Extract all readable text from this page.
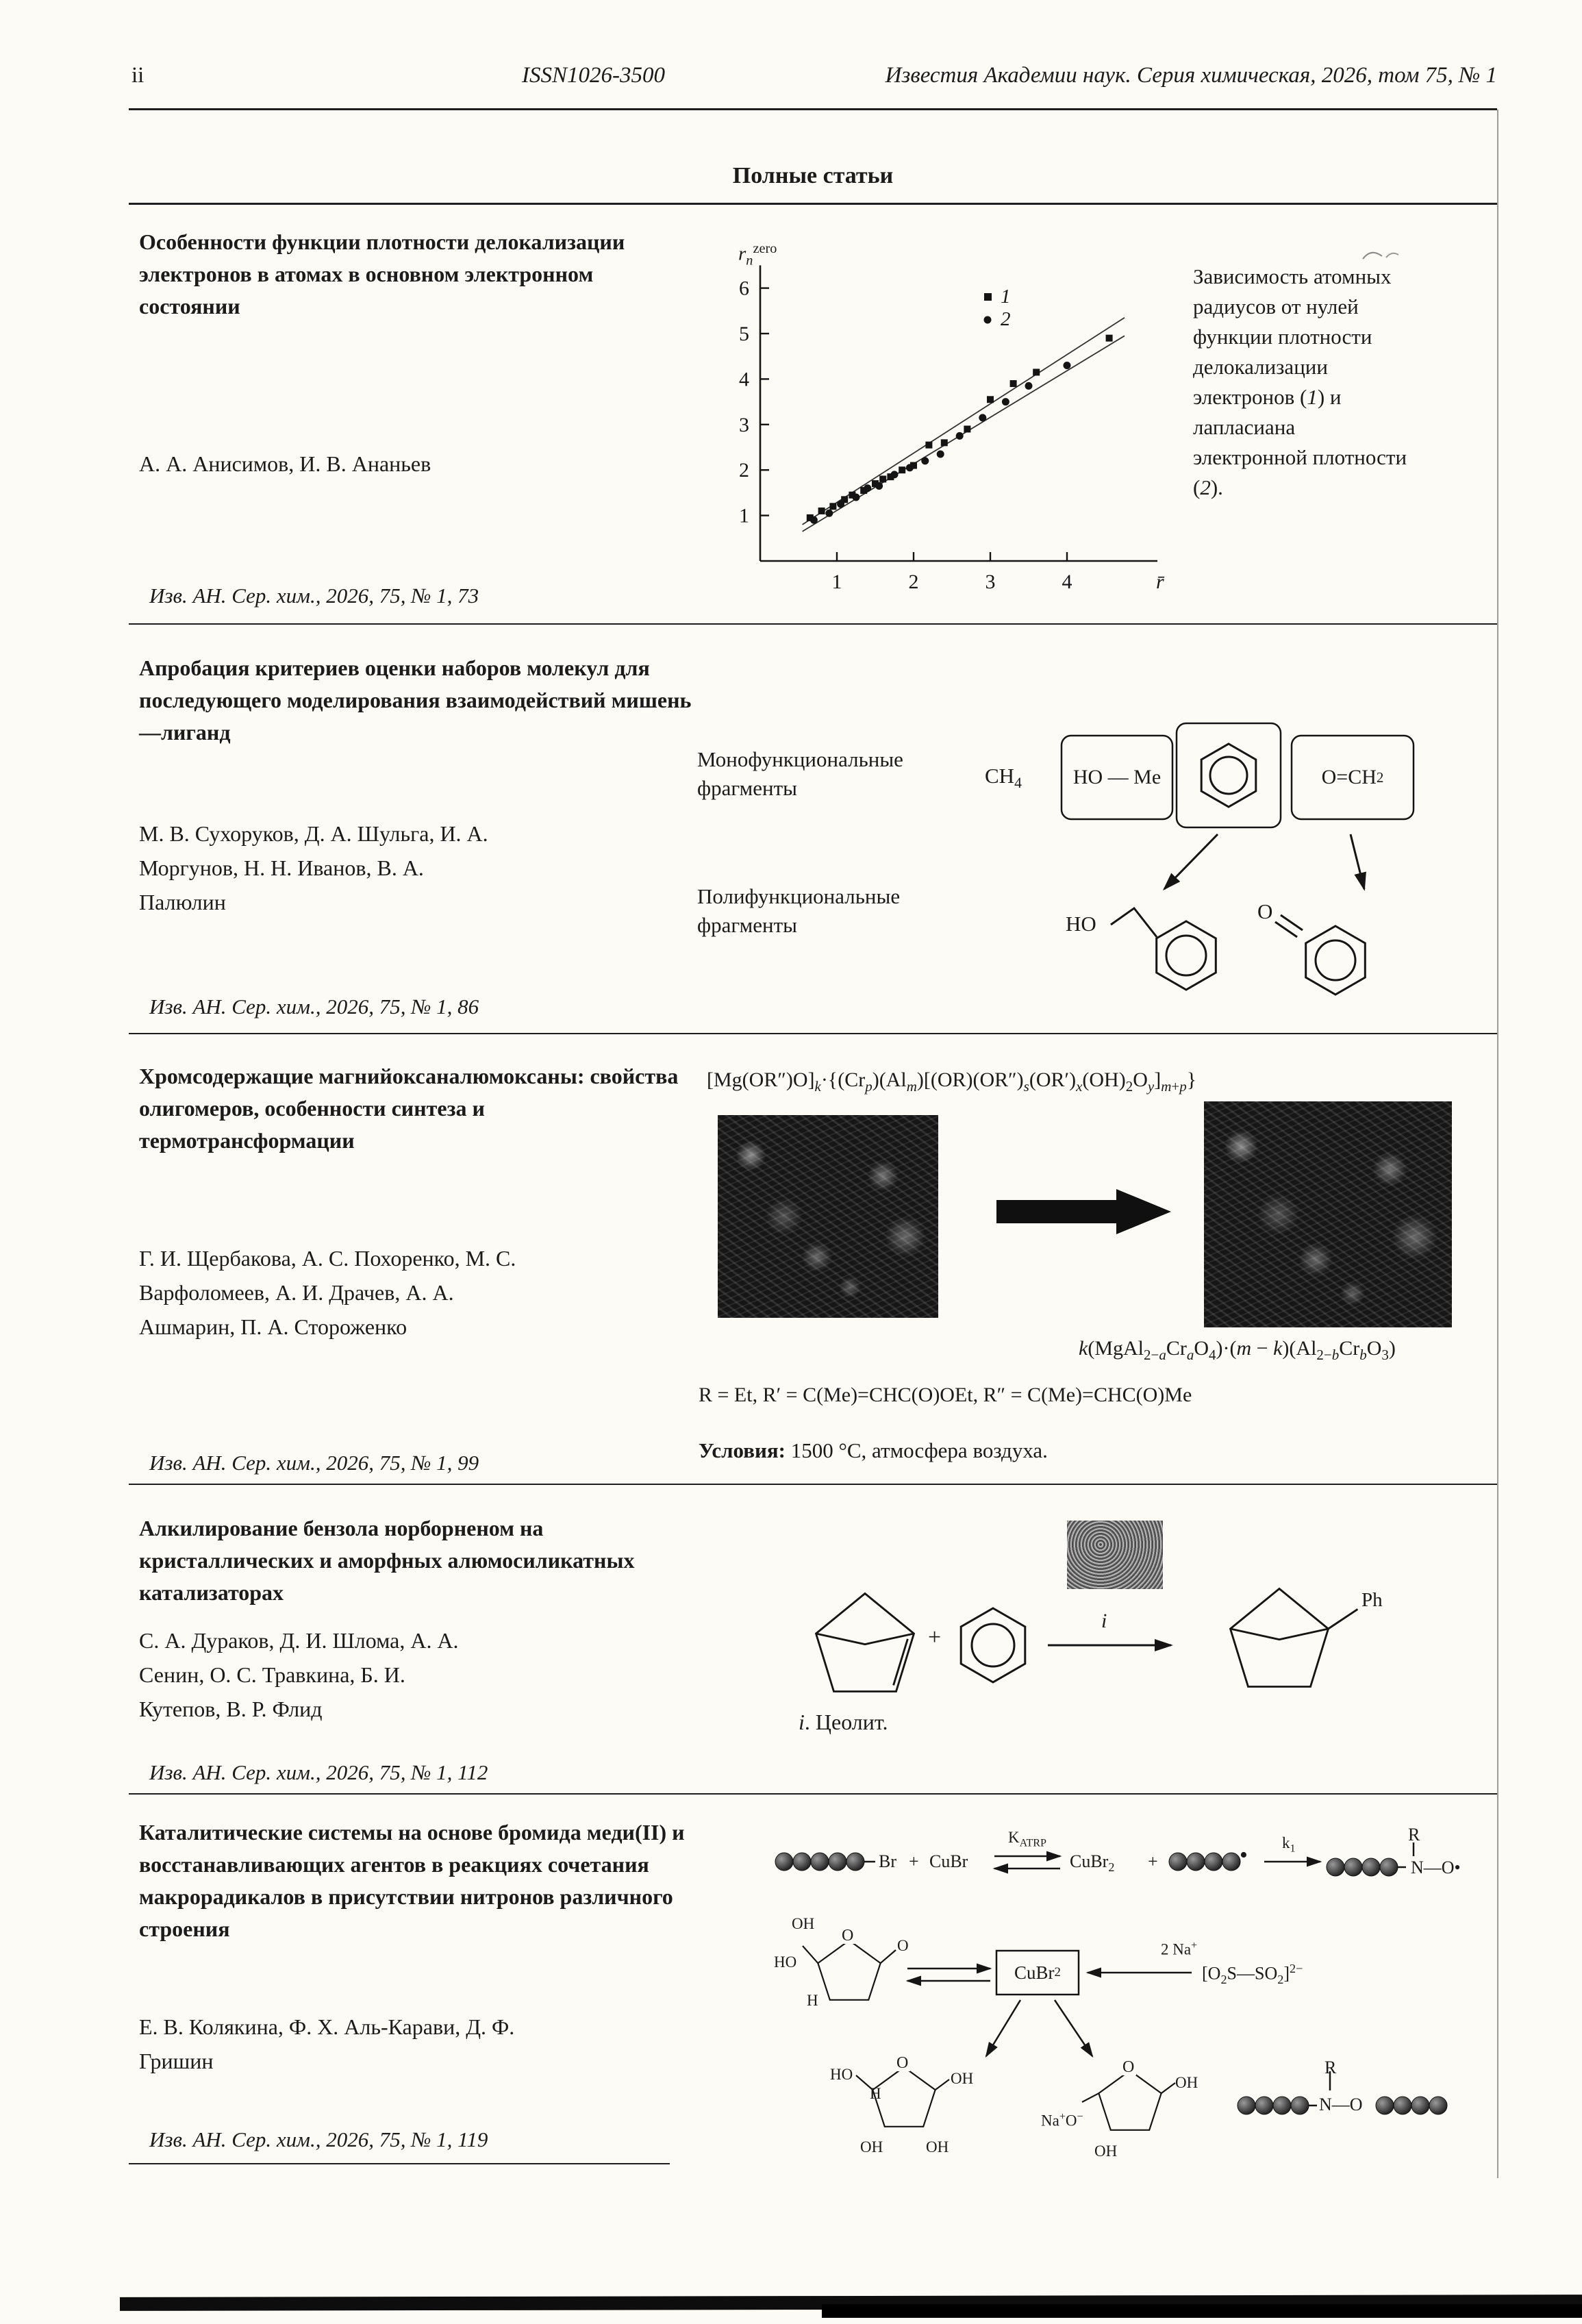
ii	ISSN1026-3500	Известия Академии наук. Серия химическая, 2026, том 75, № 1
Полные статьи
Особенности функции плотности делокализации электронов в атомах в основном электронном состоянии
А. А. Анисимов, И. В. Ананьев
Изв. АН. Сер. хим., 2026, 75, № 1, 73
1
2
3
4
5
6
1	2	3	4	r̄
1
2
$r_n^{zero}$
Зависимость атомных радиусов от нулей функции плотности делокализации электронов (1) и лапласиана электронной плотности (2).
Апробация критериев оценки наборов молекул для последующего моделирования взаимодействий мишень—лиганд
М. В. Сухоруков, Д. А. Шульга, И. А. Моргунов, Н. Н. Иванов, В. А. Палюлин
Изв. АН. Сер. хим., 2026, 75, № 1, 86
Монофункциональные фрагменты
Полифункциональные фрагменты
$CH_4$	HO — Me	O=CH 2
HO
O
Хромсодержащие магнийоксаналюмоксаны: свойства олигомеров, особенности синтеза и термотрансформации
Г. И. Щербакова, А. С. Похоренко, М. С. Варфоломеев, А. И. Драчев, А. А. Ашмарин, П. А. Стороженко
Изв. АН. Сер. хим., 2026, 75, № 1, 99
$[Mg(OR'')O]_k\cdot\{(Cr_p)(Al_m)[(OR)(OR'')_s(OR')_x(OH)_2O_y]_{m+p}\}$
$k(MgAl_{2-a}Cr_aO_4)\cdot(m - k)(Al_{2-b}Cr_bO_3)$
R = Et, R′ = C(Me)=CHC(O)OEt, R″ = C(Me)=CHC(O)Me
Условия: 1500 °C, атмосфера воздуха.
Алкилирование бензола норборненом на кристаллических и аморфных алюмосиликатных катализаторах
С. А. Дураков, Д. И. Шлома, А. А. Сенин, О. С. Травкина, Б. И. Кутепов, В. Р. Флид
Изв. АН. Сер. хим., 2026, 75, № 1, 112
+
i
Ph
i. Цеолит.
Каталитические системы на основе бромида меди(II) и восстанавливающих агентов в реакциях сочетания макрорадикалов в присутствии нитронов различного строения
Е. В. Колякина, Ф. Х. Аль-Карави, Д. Ф. Гришин
Изв. АН. Сер. хим., 2026, 75, № 1, 119
Br + CuBr
$K_{ATRP}$
CuBr$_2$ +	• $k_1$
R
N—O•
CuBr 2
2 Na+
$[O_2S—SO_2]^{2-}$
OH
HO
O
O
H
HO
O
OH	OH
OH
H
O
OH
OH
Na+O−
R
N—O
